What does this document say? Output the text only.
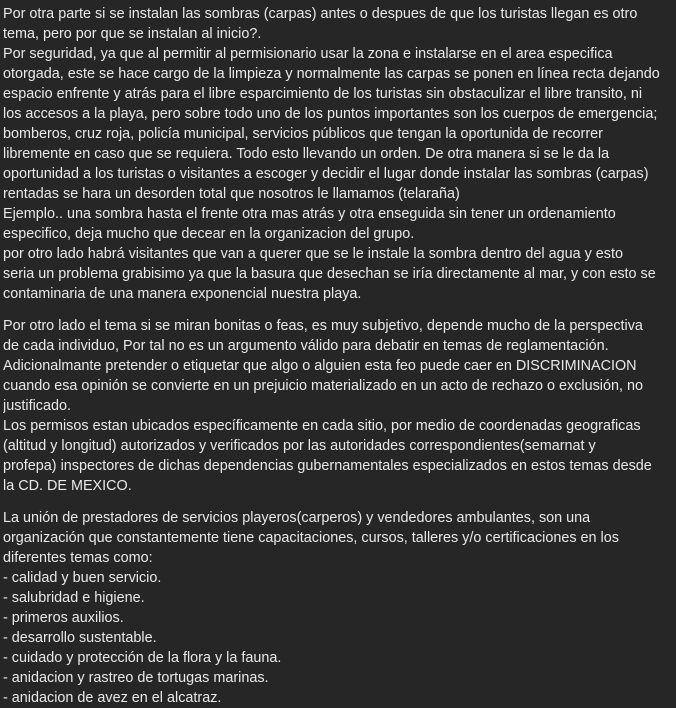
Por otra parte si se instalan las sombras (carpas) antes o despues de que los turistas llegan es otro
tema, pero por que se instalan al inicio?.
Por seguridad, ya que al permitir al permisionario usar la zona e instalarse en el area especifica
otorgada, este se hace cargo de la limpieza y normalmente las carpas se ponen en línea recta dejando
espacio enfrente y atrás para el libre esparcimiento de los turistas sin obstaculizar el libre transito, ni
los accesos a la playa, pero sobre todo uno de los puntos importantes son los cuerpos de emergencia;
bomberos, cruz roja, policía municipal, servicios públicos que tengan la oportunida de recorrer
libremente en caso que se requiera. Todo esto llevando un orden. De otra manera si se le da la
oportunidad a los turistas o visitantes a escoger y decidir el lugar donde instalar las sombras (carpas)
rentadas se hara un desorden total que nosotros le llamamos (telaraña)
Ejemplo.. una sombra hasta el frente otra mas atrás y otra enseguida sin tener un ordenamiento
especifico, deja mucho que decear en la organizacion del grupo.
por otro lado habrá visitantes que van a querer que se le instale la sombra dentro del agua y esto
seria un problema grabisimo ya que la basura que desechan se iría directamente al mar, y con esto se
contaminaria de una manera exponencial nuestra playa.

Por otro lado el tema si se miran bonitas o feas, es muy subjetivo, depende mucho de la perspectiva
de cada individuo, Por tal no es un argumento válido para debatir en temas de reglamentación.
Adicionalmante pretender o etiquetar que algo o alguien esta feo puede caer en DISCRIMINACION
cuando esa opinión se convierte en un prejuicio materializado en un acto de rechazo o exclusión, no
justificado.
Los permisos estan ubicados específicamente en cada sitio, por medio de coordenadas geograficas
(altitud y longitud) autorizados y verificados por las autoridades correspondientes(semarnat y
profepa) inspectores de dichas dependencias gubernamentales especializados en estos temas desde
la CD. DE MEXICO.

La unión de prestadores de servicios playeros(carperos) y vendedores ambulantes, son una
organización que constantemente tiene capacitaciones, cursos, talleres y/o certificaciones en los
diferentes temas como:
- calidad y buen servicio.
- salubridad e higiene.
- primeros auxilios.
- desarrollo sustentable.
- cuidado y protección de la flora y la fauna.
- anidacion y rastreo de tortugas marinas.
- anidacion de avez en el alcatraz.
